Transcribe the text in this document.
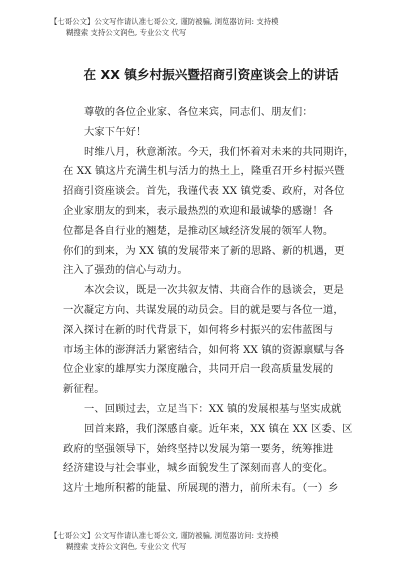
【七哥公文】公文写作请认准七哥公文, 谨防被骗, 浏览器访问: 支持模
糊搜索 支持公文润色, 专业公文 代写
在 XX 镇乡村振兴暨招商引资座谈会上的讲话
尊敬的各位企业家、各位来宾，同志们、朋友们：
大家下午好！
时维八月，秋意渐浓。今天，我们怀着对未来的共同期许，
在 XX 镇这片充满生机与活力的热土上，隆重召开乡村振兴暨
招商引资座谈会。首先，我谨代表 XX 镇党委、政府，对各位
企业家朋友的到来，表示最热烈的欢迎和最诚挚的感谢！各
位都是各自行业的翘楚，是推动区域经济发展的领军人物。
你们的到来，为 XX 镇的发展带来了新的思路、新的机遇，更
注入了强劲的信心与动力。
本次会议，既是一次共叙友情、共商合作的恳谈会，更是
一次凝定方向、共谋发展的动员会。目的就是要与各位一道，
深入探讨在新的时代背景下，如何将乡村振兴的宏伟蓝图与
市场主体的澎湃活力紧密结合，如何将 XX 镇的资源禀赋与各
位企业家的雄厚实力深度融合，共同开启一段高质量发展的
新征程。
一、回顾过去，立足当下：XX 镇的发展根基与坚实成就
回首来路，我们深感自豪。近年来，XX 镇在 XX 区委、区
政府的坚强领导下，始终坚持以发展为第一要务，统筹推进
经济建设与社会事业，城乡面貌发生了深刻而喜人的变化。
这片土地所积蓄的能量、所展现的潜力，前所未有。（一）乡
【七哥公文】公文写作请认准七哥公文, 谨防被骗, 浏览器访问: 支持模
糊搜索 支持公文润色, 专业公文 代写
